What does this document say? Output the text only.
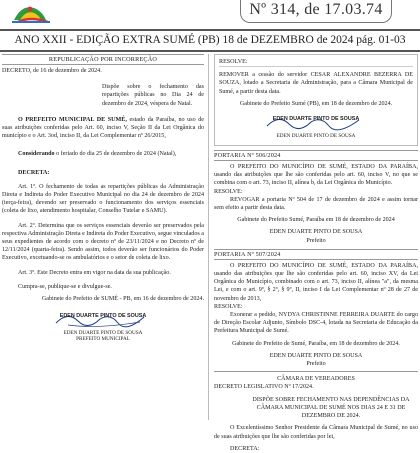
Nº 314, de 17.03.74
ANO XXII - EDIÇÃO EXTRA SUMÉ (PB) 18 de DEZEMBRO de 2024 pág. 01-03
REPUBLICAÇÃO POR INCORREÇÃO

DECRETO, de 16 de dezembro de 2024.

Dispõe sobre o fechamento das repartições públicas no Dia 24 de dezembro de 2024, véspera de Natal.

O PREFEITO MUNICIPAL DE SUMÉ, estado da Paraíba, no uso de suas atribuições conferidas pelo Art. 60, inciso V, Seção II da Lei Orgânica do município e o Art. 3od, inciso II, da Lei Complementar nº 26/2015,

Considerando o feriado do dia 25 de dezembro de 2024 (Natal),

DECRETA:

Art. 1º. O fechamento de todas as repartições públicas da Administração Direta e Indireta do Poder Executivo Municipal no dia 24 de dezembro de 2024 (terça-feira), devendo ser preservado o funcionamento dos serviços essenciais (coleta de lixo, atendimento hospitalar, Conselho Tutelar e SAMU).

Art. 2º. Determina que os serviços essenciais deverão ser preservados pela respectiva Administração Direta e Indireta do Poder Executivo, segue vinculados a seus expedientes de acordo com o decreto nº de 23/11/2024 e no Decreto nº de 12/11/2024 (quarta-feira). Sendo assim, todos deverão ser funcionários do Poder Executivo, excetuando-se os ambulatórios e o setor de coleta de lixo.

Art. 3º. Este Decreto entra em vigor na data da sua publicação.

Cumpra-se, publique-se e divulgue-se.

Gabinete do Prefeito de SUMÉ - PB, em 16 de dezembro de 2024.

EDEN DUARTE PINTO DE SOUSA
EDEN DUARTE PINTO DE SOUSA
PREFEITO MUNICIPAL

RESOLVE:

REMOVER a cessão do servidor CESAR ALEXANDRE BEZERRA DE SOUZA, lotado a Secretaria de Administração, para a Câmara Municipal de Sumé, a partir desta data.

Gabinete do Prefeito Sumé (PB), em 18 de dezembro de 2024.

EDEN DUARTE PINTO DE SOUSA
EDEN DUARTE PINTO DE SOUSA
PORTARIA Nº 506/2024

O PREFEITO DO MUNICÍPIO DE SUMÉ, ESTADO DA PARAÍBA, usando das atribuições que lhe são conferidas pelo art. 60, inciso V, no que se combina com o art. 73, inciso II, alínea b, da Lei Orgânica do Município.

RESOLVE:

REVOGAR a portaria Nº 504 de 17 de dezembro de 2024 e assim tornar sem efeito a partir desta data.

Gabinete do Prefeito Sumé, Paraíba em 18 de dezembro de 2024

EDEN DUARTE PINTO DE SOUSA

Prefeito

PORTARIA Nº 507/2024

O PREFEITO DO MUNICÍPIO DE SUMÉ, ESTADO DA PARAÍBA, usando das atribuições que lhe são conferidas pelo art. 60, inciso XV, da Lei Orgânica do Município, combinado com o art. 73, inciso II, alínea "a", da mesma Lei, e com o art. 9º, § 2º, § 9º, II, inciso I da Lei Complementar nº 28 de 27 de novembro de 2013,

RESOLVE:

Exonerar a pedido, NYDYA CHRISTINNE FERREIRA DUARTE do cargo de Direção Escolar Adjunto, Símbolo DSC-4, lotada na Secretaria de Educação da Prefeitura Municipal de Sumé.

Gabinete do Prefeito de Sumé, Paraíba, em 18 de dezembro de 2024.

EDEN DUARTE PINTO DE SOUSA

Prefeito

CÂMARA DE VEREADORES

DECRETO LEGISLATIVO Nº 17/2024.

DISPÕE SOBRE FECHAMENTO NAS DEPENDÊNCIAS DA CÂMARA MUNICIPAL DE SUMÉ NOS DIAS 24 E 31 DE DEZEMBRO DE 2024.

O Excelentíssimo Senhor Presidente da Câmara Municipal de Sumé, no uso de suas atribuições que lhe são conferidas por lei,

DECRETA:
